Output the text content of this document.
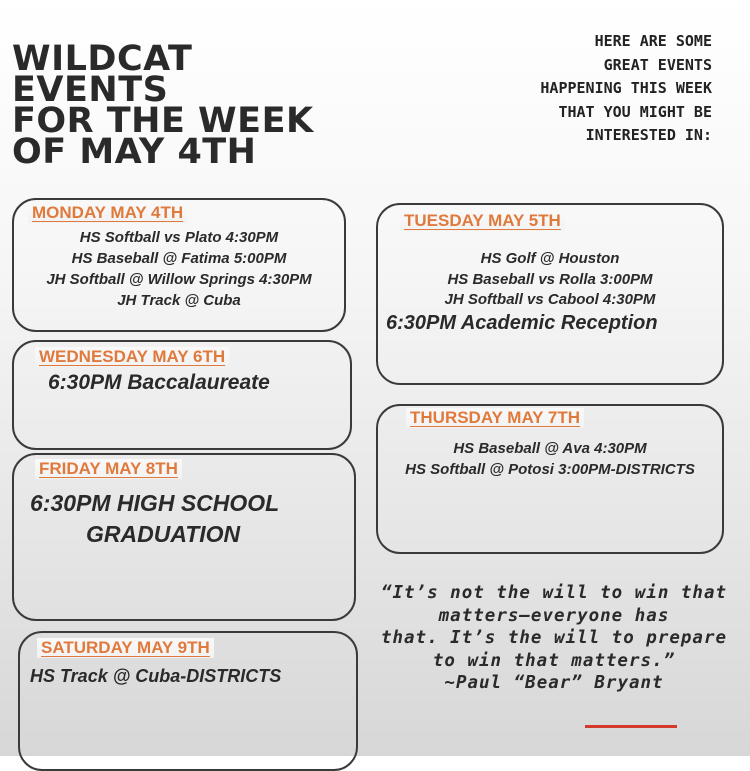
WILDCAT
EVENTS
FOR THE WEEK
OF MAY 4TH
HERE ARE SOME
GREAT EVENTS
HAPPENING THIS WEEK
THAT YOU MIGHT BE
INTERESTED IN:
MONDAY MAY 4TH
HS Softball vs Plato 4:30PM
HS Baseball @ Fatima 5:00PM
JH Softball @ Willow Springs 4:30PM
JH Track @ Cuba
TUESDAY MAY 5TH
HS Golf @ Houston
HS Baseball vs Rolla 3:00PM
JH Softball vs Cabool 4:30PM
6:30PM Academic Reception
WEDNESDAY MAY 6TH
6:30PM Baccalaureate
THURSDAY MAY 7TH
HS Baseball @ Ava 4:30PM
HS Softball @ Potosi 3:00PM-DISTRICTS
FRIDAY MAY 8TH
6:30PM HIGH SCHOOL
GRADUATION
SATURDAY MAY 9TH
HS Track @ Cuba-DISTRICTS
“It’s not the will to win that
matters—everyone has
that. It’s the will to prepare
to win that matters.”
~Paul “Bear” Bryant
